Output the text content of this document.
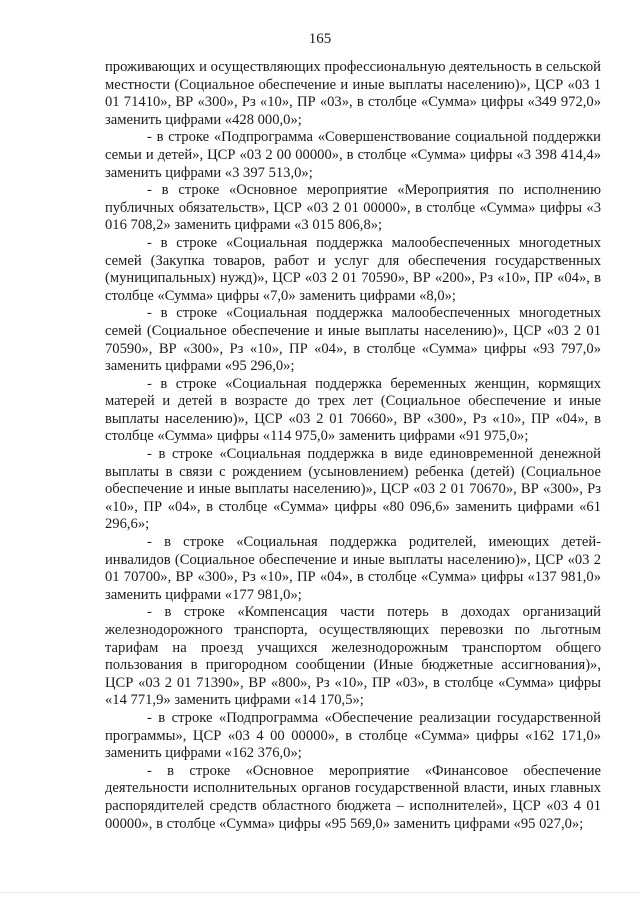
165

проживающих и осуществляющих профессиональную деятельность в сельской местности (Социальное обеспечение и иные выплаты населению)», ЦСР «03 1 01 71410», ВР «300», Рз «10», ПР «03», в столбце «Сумма» цифры «349 972,0» заменить цифрами «428 000,0»;

- в строке «Подпрограмма «Совершенствование социальной поддержки семьи и детей», ЦСР «03 2 00 00000», в столбце «Сумма» цифры «3 398 414,4» заменить цифрами «3 397 513,0»;

- в строке «Основное мероприятие «Мероприятия по исполнению публичных обязательств», ЦСР «03 2 01 00000», в столбце «Сумма» цифры «3 016 708,2» заменить цифрами «3 015 806,8»;

- в строке «Социальная поддержка малообеспеченных многодетных семей (Закупка товаров, работ и услуг для обеспечения государственных (муниципальных) нужд)», ЦСР «03 2 01 70590», ВР «200», Рз «10», ПР «04», в столбце «Сумма» цифры «7,0» заменить цифрами «8,0»;

- в строке «Социальная поддержка малообеспеченных многодетных семей (Социальное обеспечение и иные выплаты населению)», ЦСР «03 2 01 70590», ВР «300», Рз «10», ПР «04», в столбце «Сумма» цифры «93 797,0» заменить цифрами «95 296,0»;

- в строке «Социальная поддержка беременных женщин, кормящих матерей и детей в возрасте до трех лет (Социальное обеспечение и иные выплаты населению)», ЦСР «03 2 01 70660», ВР «300», Рз «10», ПР «04», в столбце «Сумма» цифры «114 975,0» заменить цифрами «91 975,0»;

- в строке «Социальная поддержка в виде единовременной денежной выплаты в связи с рождением (усыновлением) ребенка (детей) (Социальное обеспечение и иные выплаты населению)», ЦСР «03 2 01 70670», ВР «300», Рз «10», ПР «04», в столбце «Сумма» цифры «80 096,6» заменить цифрами «61 296,6»;

- в строке «Социальная поддержка родителей, имеющих детей-инвалидов (Социальное обеспечение и иные выплаты населению)», ЦСР «03 2 01 70700», ВР «300», Рз «10», ПР «04», в столбце «Сумма» цифры «137 981,0» заменить цифрами «177 981,0»;

- в строке «Компенсация части потерь в доходах организаций железнодорожного транспорта, осуществляющих перевозки по льготным тарифам на проезд учащихся железнодорожным транспортом общего пользования в пригородном сообщении (Иные бюджетные ассигнования)», ЦСР «03 2 01 71390», ВР «800», Рз «10», ПР «03», в столбце «Сумма» цифры «14 771,9» заменить цифрами «14 170,5»;

- в строке «Подпрограмма «Обеспечение реализации государственной программы», ЦСР «03 4 00 00000», в столбце «Сумма» цифры «162 171,0» заменить цифрами «162 376,0»;

- в строке «Основное мероприятие «Финансовое обеспечение деятельности исполнительных органов государственной власти, иных главных распорядителей средств областного бюджета – исполнителей», ЦСР «03 4 01 00000», в столбце «Сумма» цифры «95 569,0» заменить цифрами «95 027,0»;
